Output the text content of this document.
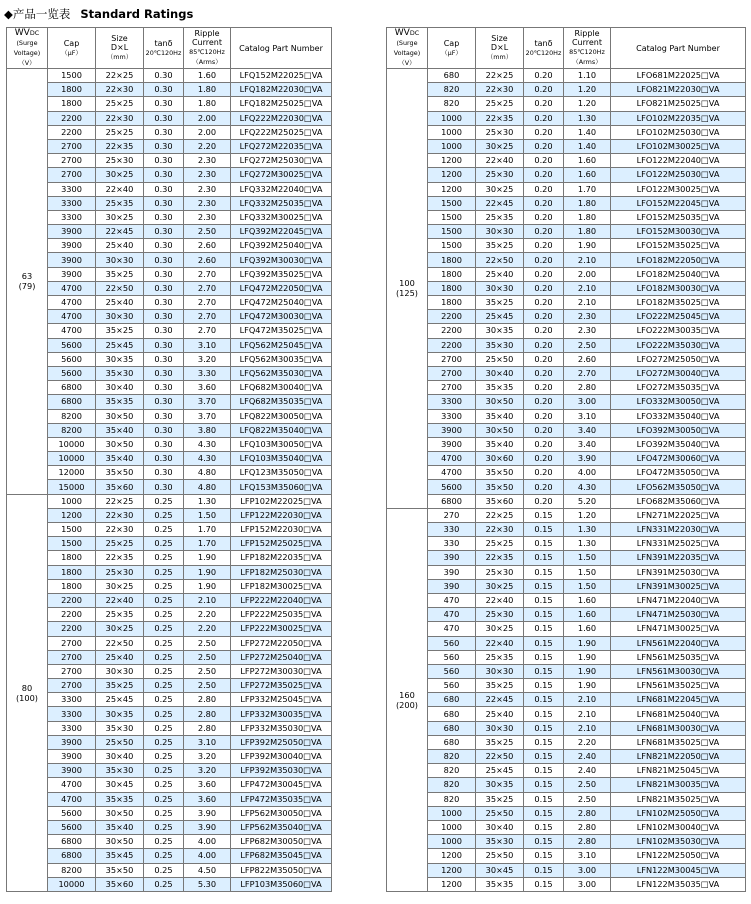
◆产品一览表 Standard Ratings
WVDC
(Surge
Voltage)
（V）	Cap
（μF）	Size
D×L
（mm）	tanδ
20℃120Hz	Ripple
Current
85℃120Hz
（Arms）	Catalog Part Number
63
(79)	1500	22×25	0.30	1.60	LFQ152M22025□VA
	1800	22×30	0.30	1.80	LFQ182M22030□VA
	1800	25×25	0.30	1.80	LFQ182M25025□VA
	2200	22×30	0.30	2.00	LFQ222M22030□VA
	2200	25×25	0.30	2.00	LFQ222M25025□VA
	2700	22×35	0.30	2.20	LFQ272M22035□VA
	2700	25×30	0.30	2.30	LFQ272M25030□VA
	2700	30×25	0.30	2.30	LFQ272M30025□VA
	3300	22×40	0.30	2.30	LFQ332M22040□VA
	3300	25×35	0.30	2.30	LFQ332M25035□VA
	3300	30×25	0.30	2.30	LFQ332M30025□VA
	3900	22×45	0.30	2.50	LFQ392M22045□VA
	3900	25×40	0.30	2.60	LFQ392M25040□VA
	3900	30×30	0.30	2.60	LFQ392M30030□VA
	3900	35×25	0.30	2.70	LFQ392M35025□VA
	4700	22×50	0.30	2.70	LFQ472M22050□VA
	4700	25×40	0.30	2.70	LFQ472M25040□VA
	4700	30×30	0.30	2.70	LFQ472M30030□VA
	4700	35×25	0.30	2.70	LFQ472M35025□VA
	5600	25×45	0.30	3.10	LFQ562M25045□VA
	5600	30×35	0.30	3.20	LFQ562M30035□VA
	5600	35×30	0.30	3.30	LFQ562M35030□VA
	6800	30×40	0.30	3.60	LFQ682M30040□VA
	6800	35×35	0.30	3.70	LFQ682M35035□VA
	8200	30×50	0.30	3.70	LFQ822M30050□VA
	8200	35×40	0.30	3.80	LFQ822M35040□VA
	10000	30×50	0.30	4.30	LFQ103M30050□VA
	10000	35×40	0.30	4.30	LFQ103M35040□VA
	12000	35×50	0.30	4.80	LFQ123M35050□VA
	15000	35×60	0.30	4.80	LFQ153M35060□VA
80
(100)	1000	22×25	0.25	1.30	LFP102M22025□VA
	1200	22×30	0.25	1.50	LFP122M22030□VA
	1500	22×30	0.25	1.70	LFP152M22030□VA
	1500	25×25	0.25	1.70	LFP152M25025□VA
	1800	22×35	0.25	1.90	LFP182M22035□VA
	1800	25×30	0.25	1.90	LFP182M25030□VA
	1800	30×25	0.25	1.90	LFP182M30025□VA
	2200	22×40	0.25	2.10	LFP222M22040□VA
	2200	25×35	0.25	2.20	LFP222M25035□VA
	2200	30×25	0.25	2.20	LFP222M30025□VA
	2700	22×50	0.25	2.50	LFP272M22050□VA
	2700	25×40	0.25	2.50	LFP272M25040□VA
	2700	30×30	0.25	2.50	LFP272M30030□VA
	2700	35×25	0.25	2.50	LFP272M35025□VA
	3300	25×45	0.25	2.80	LFP332M25045□VA
	3300	30×35	0.25	2.80	LFP332M30035□VA
	3300	35×30	0.25	2.80	LFP332M35030□VA
	3900	25×50	0.25	3.10	LFP392M25050□VA
	3900	30×40	0.25	3.20	LFP392M30040□VA
	3900	35×30	0.25	3.20	LFP392M35030□VA
	4700	30×45	0.25	3.60	LFP472M30045□VA
	4700	35×35	0.25	3.60	LFP472M35035□VA
	5600	30×50	0.25	3.90	LFP562M30050□VA
	5600	35×40	0.25	3.90	LFP562M35040□VA
	6800	30×50	0.25	4.00	LFP682M30050□VA
	6800	35×45	0.25	4.00	LFP682M35045□VA
	8200	35×50	0.25	4.50	LFP822M35050□VA
	10000	35×60	0.25	5.30	LFP103M35060□VA
WVDC
(Surge
Voltage)
（V）	Cap
（μF）	Size
D×L
（mm）	tanδ
20℃120Hz	Ripple
Current
85℃120Hz
（Arms）	Catalog Part Number
100
(125)	680	22×25	0.20	1.10	LFO681M22025□VA
	820	22×30	0.20	1.20	LFO821M22030□VA
	820	25×25	0.20	1.20	LFO821M25025□VA
	1000	22×35	0.20	1.30	LFO102M22035□VA
	1000	25×30	0.20	1.40	LFO102M25030□VA
	1000	30×25	0.20	1.40	LFO102M30025□VA
	1200	22×40	0.20	1.60	LFO122M22040□VA
	1200	25×30	0.20	1.60	LFO122M25030□VA
	1200	30×25	0.20	1.70	LFO122M30025□VA
	1500	22×45	0.20	1.80	LFO152M22045□VA
	1500	25×35	0.20	1.80	LFO152M25035□VA
	1500	30×30	0.20	1.80	LFO152M30030□VA
	1500	35×25	0.20	1.90	LFO152M35025□VA
	1800	22×50	0.20	2.10	LFO182M22050□VA
	1800	25×40	0.20	2.00	LFO182M25040□VA
	1800	30×30	0.20	2.10	LFO182M30030□VA
	1800	35×25	0.20	2.10	LFO182M35025□VA
	2200	25×45	0.20	2.30	LFO222M25045□VA
	2200	30×35	0.20	2.30	LFO222M30035□VA
	2200	35×30	0.20	2.50	LFO222M35030□VA
	2700	25×50	0.20	2.60	LFO272M25050□VA
	2700	30×40	0.20	2.70	LFO272M30040□VA
	2700	35×35	0.20	2.80	LFO272M35035□VA
	3300	30×50	0.20	3.00	LFO332M30050□VA
	3300	35×40	0.20	3.10	LFO332M35040□VA
	3900	30×50	0.20	3.40	LFO392M30050□VA
	3900	35×40	0.20	3.40	LFO392M35040□VA
	4700	30×60	0.20	3.90	LFO472M30060□VA
	4700	35×50	0.20	4.00	LFO472M35050□VA
	5600	35×50	0.20	4.30	LFO562M35050□VA
	6800	35×60	0.20	5.20	LFO682M35060□VA
160
(200)	270	22×25	0.15	1.20	LFN271M22025□VA
	330	22×30	0.15	1.30	LFN331M22030□VA
	330	25×25	0.15	1.30	LFN331M25025□VA
	390	22×35	0.15	1.50	LFN391M22035□VA
	390	25×30	0.15	1.50	LFN391M25030□VA
	390	30×25	0.15	1.50	LFN391M30025□VA
	470	22×40	0.15	1.60	LFN471M22040□VA
	470	25×30	0.15	1.60	LFN471M25030□VA
	470	30×25	0.15	1.60	LFN471M30025□VA
	560	22×40	0.15	1.90	LFN561M22040□VA
	560	25×35	0.15	1.90	LFN561M25035□VA
	560	30×30	0.15	1.90	LFN561M30030□VA
	560	35×25	0.15	1.90	LFN561M35025□VA
	680	22×45	0.15	2.10	LFN681M22045□VA
	680	25×40	0.15	2.10	LFN681M25040□VA
	680	30×30	0.15	2.10	LFN681M30030□VA
	680	35×25	0.15	2.20	LFN681M35025□VA
	820	22×50	0.15	2.40	LFN821M22050□VA
	820	25×45	0.15	2.40	LFN821M25045□VA
	820	30×35	0.15	2.50	LFN821M30035□VA
	820	35×25	0.15	2.50	LFN821M35025□VA
	1000	25×50	0.15	2.80	LFN102M25050□VA
	1000	30×40	0.15	2.80	LFN102M30040□VA
	1000	35×30	0.15	2.80	LFN102M35030□VA
	1200	25×50	0.15	3.10	LFN122M25050□VA
	1200	30×45	0.15	3.00	LFN122M30045□VA
	1200	35×35	0.15	3.00	LFN122M35035□VA
